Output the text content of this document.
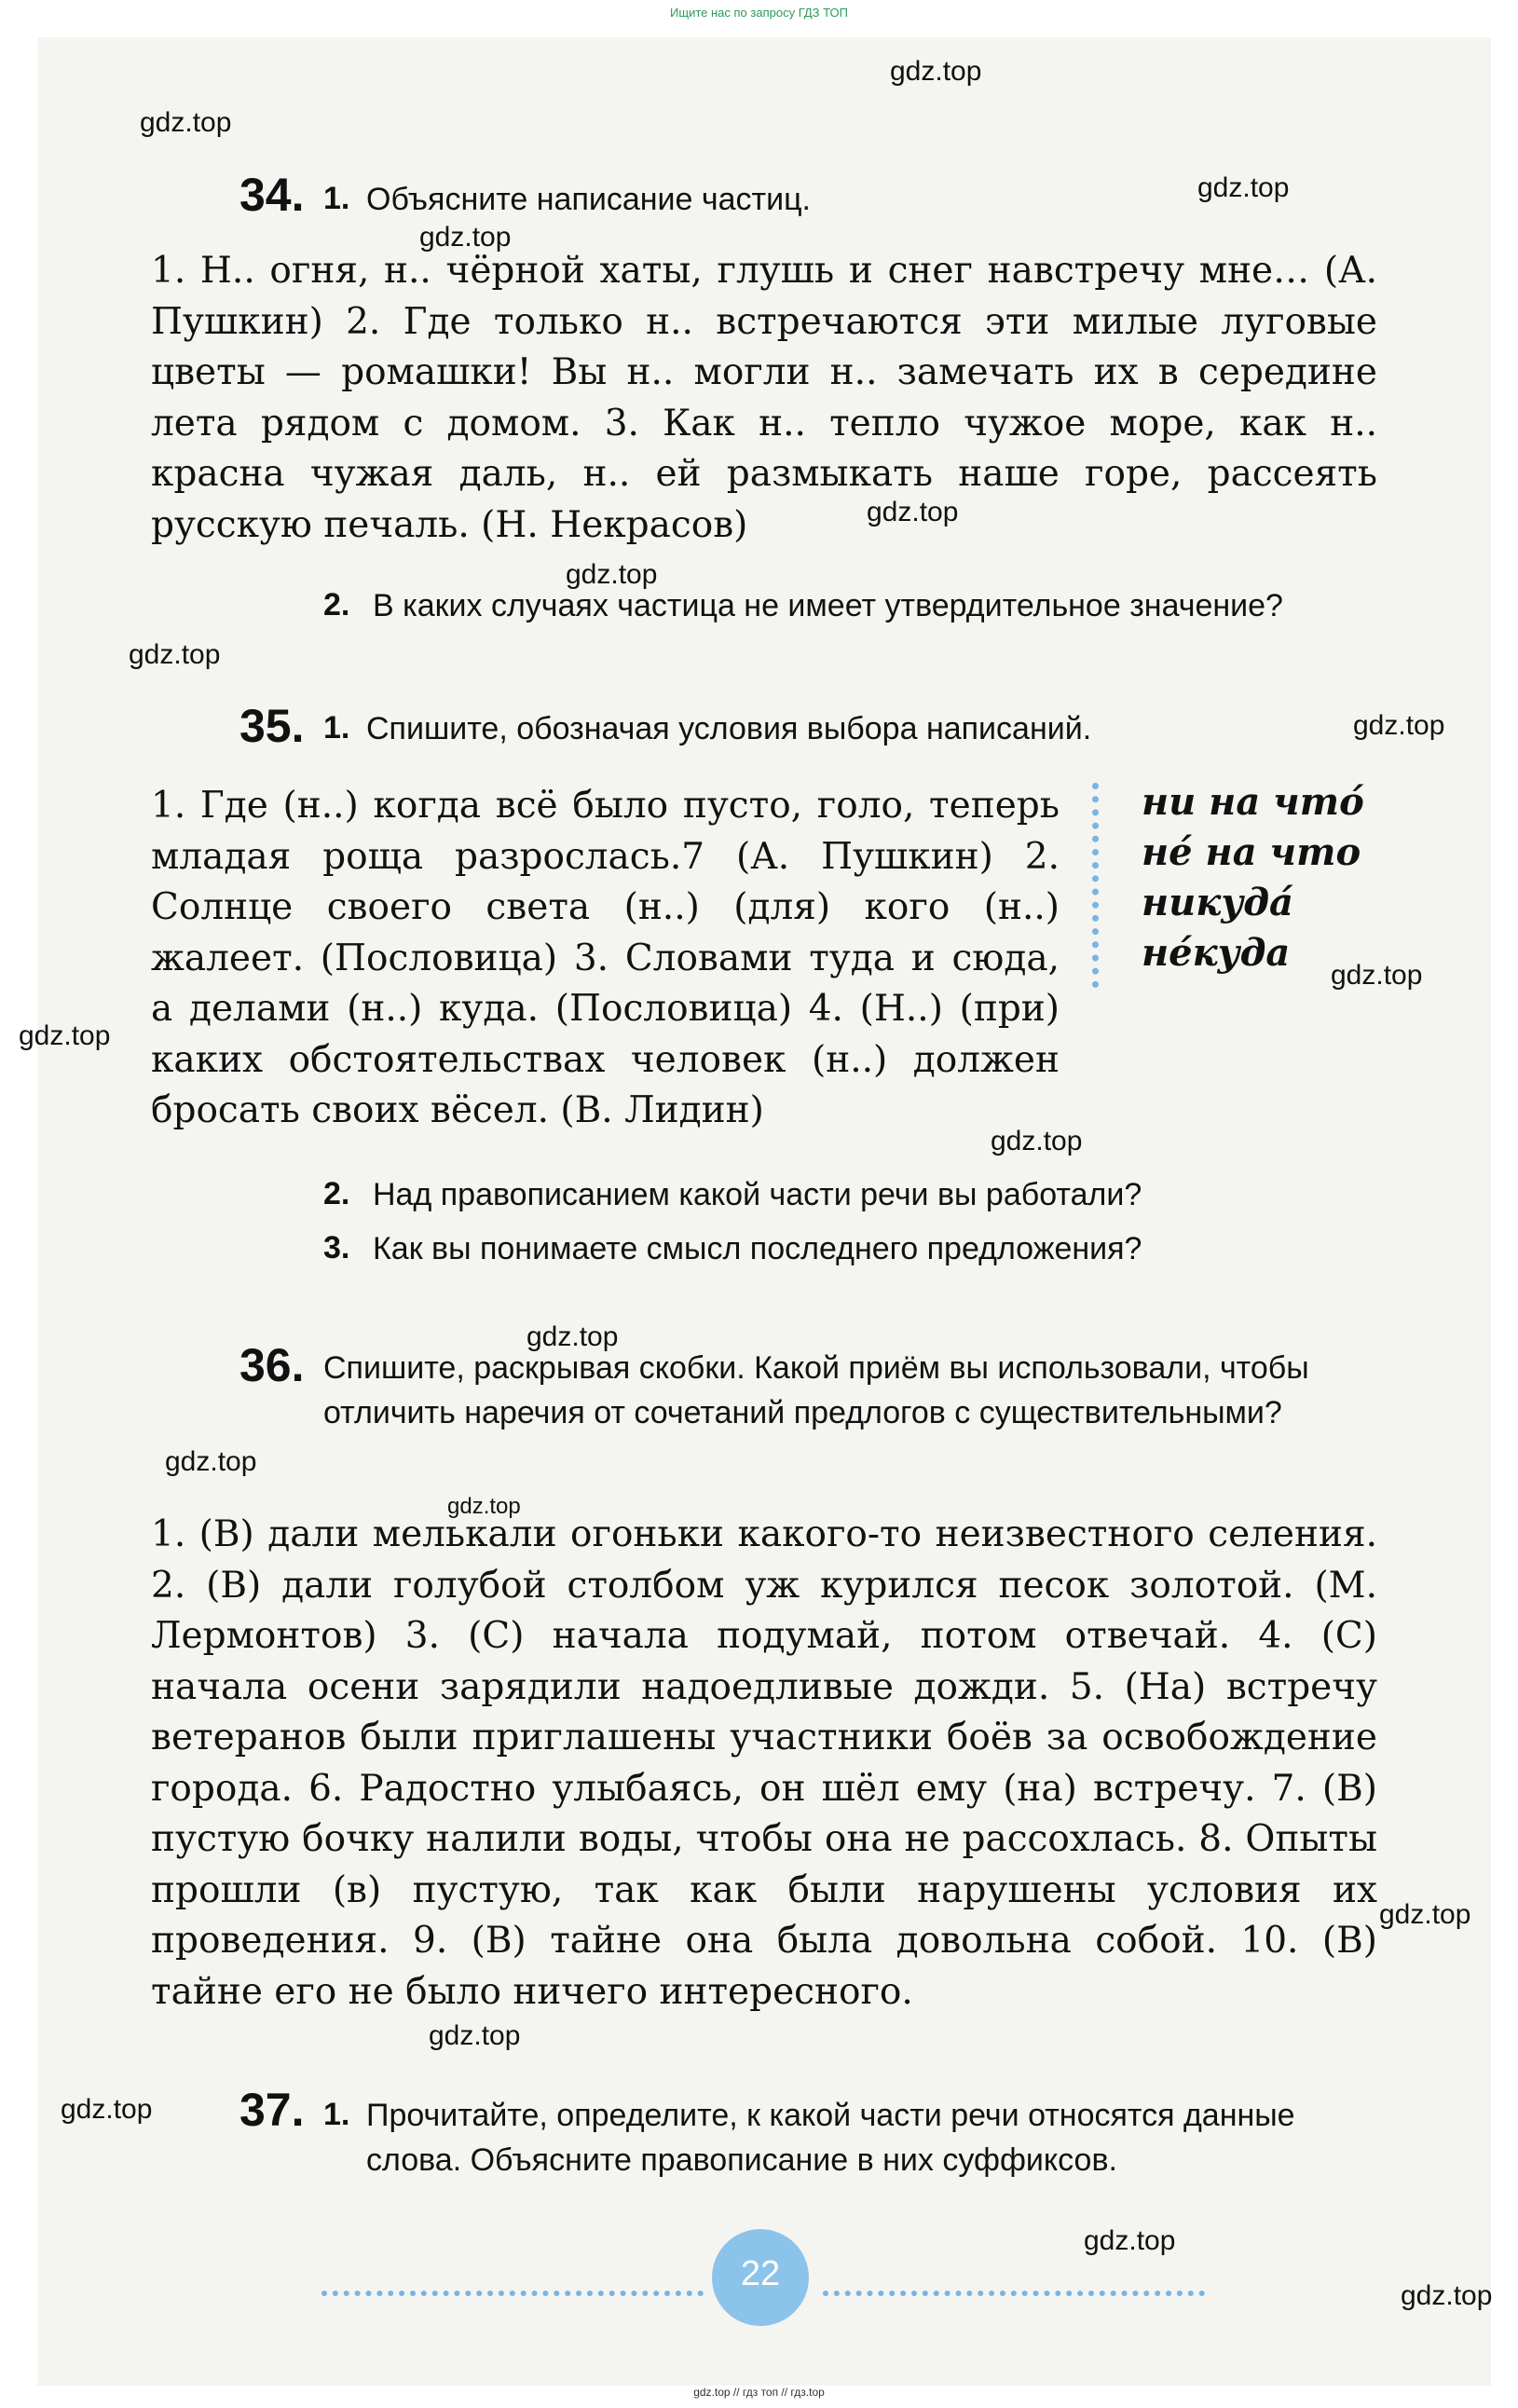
Ищите нас по запросу ГДЗ ТОП
gdz.top
gdz.top
gdz.top
gdz.top
gdz.top
gdz.top
gdz.top
gdz.top
gdz.top
gdz.top
gdz.top
gdz.top
gdz.top
gdz.top
gdz.top
gdz.top
gdz.top
gdz.top
gdz.top
34. 1. Объясните написание частиц.
1. Н.. огня, н.. чёрной хаты, глушь и снег навстречу мне… (А. Пушкин) 2. Где только н.. встречаются эти милые луговые цветы — ромашки! Вы н.. могли н.. замечать их в середине лета рядом с домом. 3. Как н.. тепло чужое море, как н.. красна чужая даль, н.. ей размыкать наше горе, рассеять русскую печаль. (Н. Некрасов)
2. В каких случаях частица не имеет утвердительное значение?
35. 1. Спишите, обозначая условия выбора написаний.
1. Где (н..) когда всё было пусто, голо, теперь младая роща разрослась.7 (А. Пушкин) 2. Солнце своего света (н..) (для) кого (н..) жалеет. (Пословица) 3. Словами туда и сюда, а делами (н..) куда. (Пословица) 4. (Н..) (при) каких обстоятельствах человек (н..) должен бросать своих вёсел. (В. Лидин)
ни на что́
не́ на что
никуда́
не́куда
2. Над правописанием какой части речи вы работали?
3. Как вы понимаете смысл последнего предложения?
36. Спишите, раскрывая скобки. Какой приём вы использовали, чтобы отличить наречия от сочетаний предлогов с существительными?
1. (В) дали мелькали огоньки какого-то неизвестного селения. 2. (В) дали голубой столбом уж курился песок золотой. (М. Лермонтов) 3. (С) начала подумай, потом отвечай. 4. (С) начала осени зарядили надоедливые дожди. 5. (На) встречу ветеранов были приглашены участники боёв за освобождение города. 6. Радостно улыбаясь, он шёл ему (на) встречу. 7. (В) пустую бочку налили воды, чтобы она не рассохлась. 8. Опыты прошли (в) пустую, так как были нарушены условия их проведения. 9. (В) тайне она была довольна собой. 10. (В) тайне его не было ничего интересного.
37. 1. Прочитайте, определите, к какой части речи относятся данные слова. Объясните правописание в них суффиксов.
22
gdz.top // гдз топ // гдз.top
